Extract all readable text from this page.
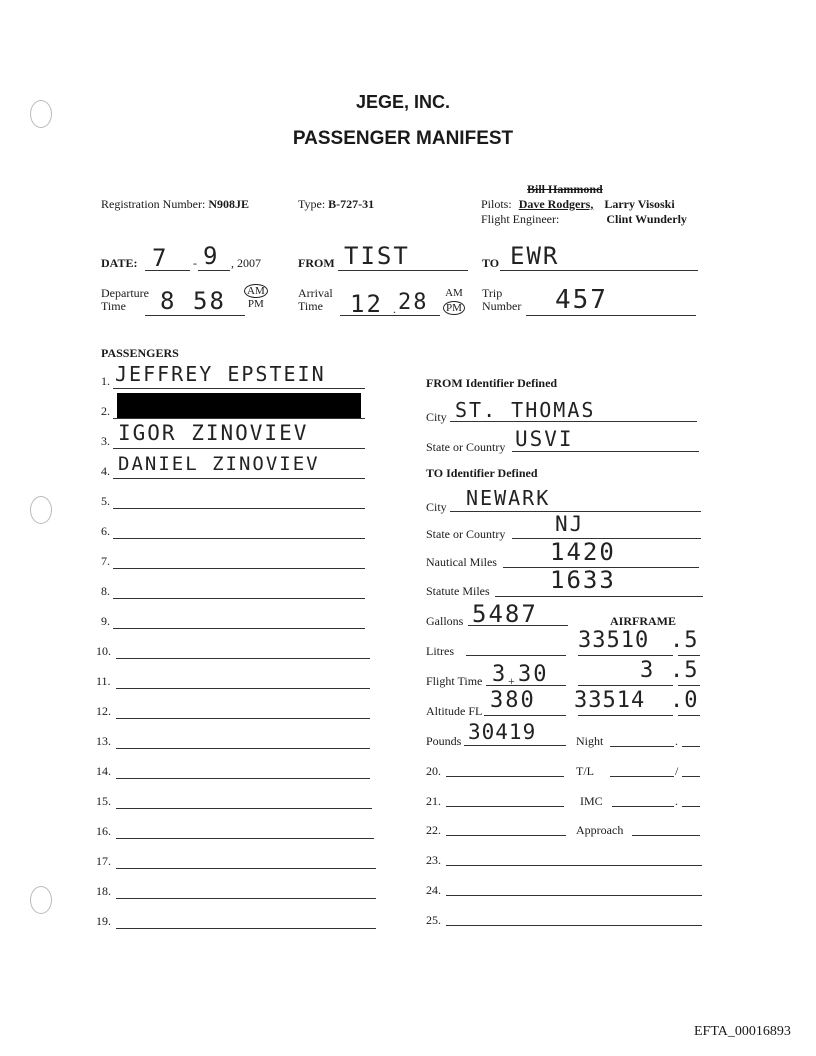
JEGE, INC.
PASSENGER MANIFEST
Registration Number: N908JE	Type: B-727-31
Bill Hammond
Pilots: Dave Rodgers, Larry Visoski
Flight Engineer:	Clint Wunderly
DATE: 7 - 9 , 2007	FROM TIST	TO EWR
Departure
Time	8 58 AM
PM
Arrival
Time	12 . 28 AM
PM
Trip
Number 457
PASSENGERS
1. JEFFREY EPSTEIN
2.
3. IGOR ZINOVIEV
4. DANIEL ZINOVIEV
5.
6.
7.
8.
9.
10.
11.
12.
13.
14.
15.
16.
17.
18.
19.
FROM Identifier Defined
City ST. THOMAS
State or Country USVI
TO Identifier Defined
City NEWARK
State or Country NJ
Nautical Miles 1420
Statute Miles	1633
Gallons 5487	AIRFRAME
Litres	33510 .5
Flight Time 3 + 30	3 .5
Altitude FL 380 33514 .0
Pounds 30419	Night	.
20.	T/L	/
21.	IMC	.
22.	Approach
23.
24.
25.
EFTA_00016893
